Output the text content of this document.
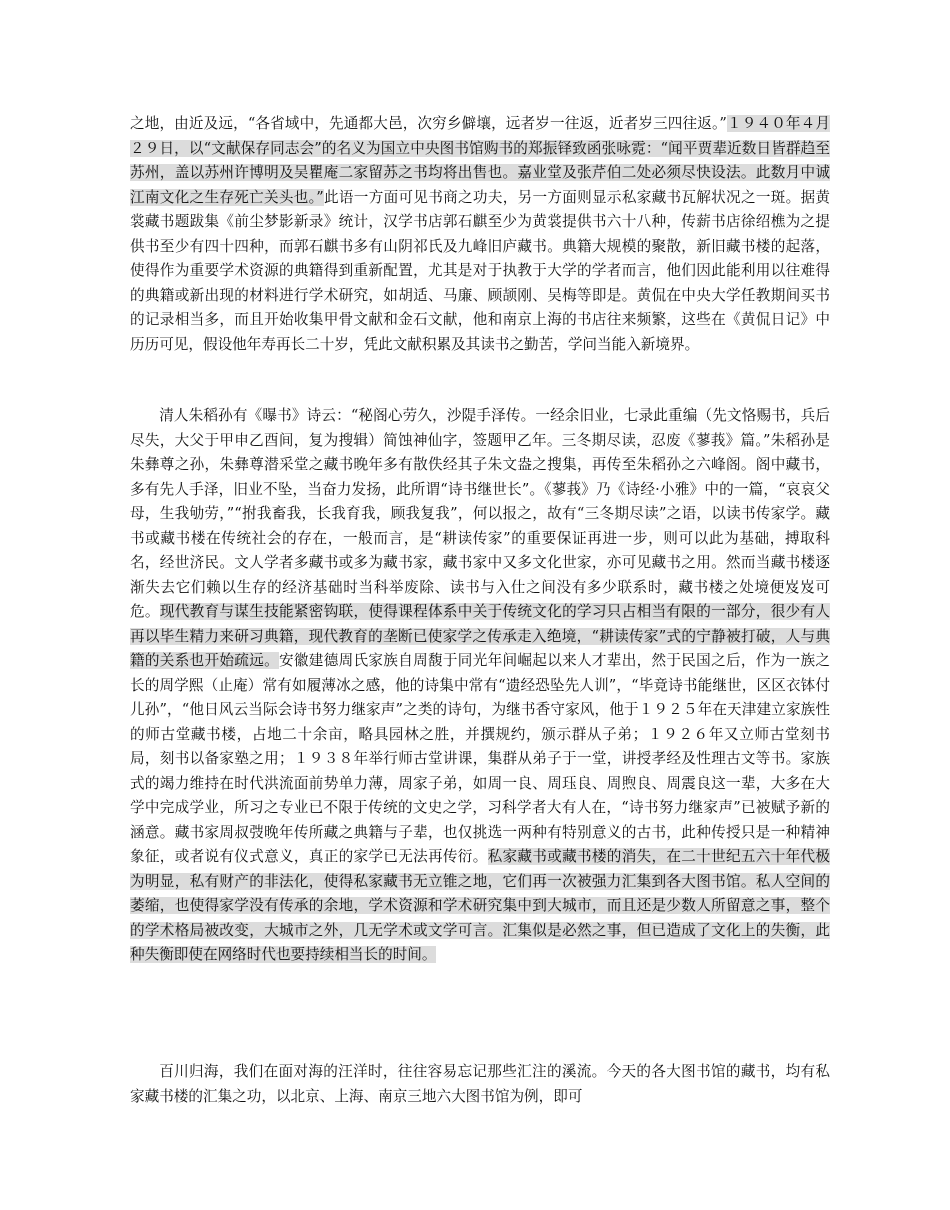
之地，由近及远，“各省域中，先通都大邑，次穷乡僻壤，远者岁一往返，近者岁三四往返。”１９４０年４月２９日，以“文献保存同志会”的名义为国立中央图书馆购书的郑振铎致函张咏霓：“闻平贾辈近数日皆群趋至苏州，盖以苏州许博明及吴瞿庵二家留苏之书均将出售也。嘉业堂及张芹伯二处必须尽快设法。此数月中诚江南文化之生存死亡关头也。”此语一方面可见书商之功夫，另一方面则显示私家藏书瓦解状况之一斑。据黄裳藏书题跋集《前尘梦影新录》统计，汉学书店郭石麒至少为黄裳提供书六十八种，传薪书店徐绍樵为之提供书至少有四十四种，而郭石麒书多有山阴祁氏及九峰旧庐藏书。典籍大规模的聚散，新旧藏书楼的起落，使得作为重要学术资源的典籍得到重新配置，尤其是对于执教于大学的学者而言，他们因此能利用以往难得的典籍或新出现的材料进行学术研究，如胡适、马廉、顾颉刚、吴梅等即是。黄侃在中央大学任教期间买书的记录相当多，而且开始收集甲骨文献和金石文献，他和南京上海的书店往来频繁，这些在《黄侃日记》中历历可见，假设他年寿再长二十岁，凭此文献积累及其读书之勤苦，学问当能入新境界。

清人朱稻孙有《曝书》诗云：“秘阁心劳久，沙隄手泽传。一经余旧业，七录此重编（先文恪赐书，兵后尽失，大父于甲申乙酉间，复为搜辑）简蚀神仙字，签题甲乙年。三冬期尽读，忍废《蓼莪》篇。”朱稻孙是朱彝尊之孙，朱彝尊潜采堂之藏书晚年多有散佚经其子朱文盎之搜集，再传至朱稻孙之六峰阁。阁中藏书，多有先人手泽，旧业不坠，当奋力发扬，此所谓“诗书继世长”。《蓼莪》乃《诗经·小雅》中的一篇，“哀哀父母，生我劬劳，”“拊我畜我，长我育我，顾我复我”，何以报之，故有“三冬期尽读”之语，以读书传家学。藏书或藏书楼在传统社会的存在，一般而言，是“耕读传家”的重要保证再进一步，则可以此为基础，搏取科名，经世济民。文人学者多藏书或多为藏书家，藏书家中又多文化世家，亦可见藏书之用。然而当藏书楼逐渐失去它们赖以生存的经济基础时当科举废除、读书与入仕之间没有多少联系时，藏书楼之处境便岌岌可危。现代教育与谋生技能紧密钩联，使得课程体系中关于传统文化的学习只占相当有限的一部分，很少有人再以毕生精力来研习典籍，现代教育的垄断已使家学之传承走入绝境，“耕读传家”式的宁静被打破，人与典籍的关系也开始疏远。安徽建德周氏家族自周馥于同光年间崛起以来人才辈出，然于民国之后，作为一族之长的周学熙（止庵）常有如履薄冰之感，他的诗集中常有“遗经恐坠先人训”，“毕竟诗书能继世，区区衣钵付儿孙”，“他日风云当际会诗书努力继家声”之类的诗句，为继书香守家风，他于１９２５年在天津建立家族性的师古堂藏书楼，占地二十余亩，略具园林之胜，并撰规约，颁示群从子弟；１９２６年又立师古堂刻书局，刻书以备家塾之用；１９３８年举行师古堂讲课，集群从弟子于一堂，讲授孝经及性理古文等书。家族式的竭力维持在时代洪流面前势单力薄，周家子弟，如周一良、周珏良、周煦良、周震良这一辈，大多在大学中完成学业，所习之专业已不限于传统的文史之学，习科学者大有人在，“诗书努力继家声”已被赋予新的涵意。藏书家周叔弢晚年传所藏之典籍与子辈，也仅挑选一两种有特别意义的古书，此种传授只是一种精神象征，或者说有仪式意义，真正的家学已无法再传衍。私家藏书或藏书楼的消失，在二十世纪五六十年代极为明显，私有财产的非法化，使得私家藏书无立锥之地，它们再一次被强力汇集到各大图书馆。私人空间的萎缩，也使得家学没有传承的余地，学术资源和学术研究集中到大城市，而且还是少数人所留意之事，整个的学术格局被改变，大城市之外，几无学术或文学可言。汇集似是必然之事，但已造成了文化上的失衡，此种失衡即使在网络时代也要持续相当长的时间。

百川归海，我们在面对海的汪洋时，往往容易忘记那些汇注的溪流。今天的各大图书馆的藏书，均有私家藏书楼的汇集之功，以北京、上海、南京三地六大图书馆为例，即可
